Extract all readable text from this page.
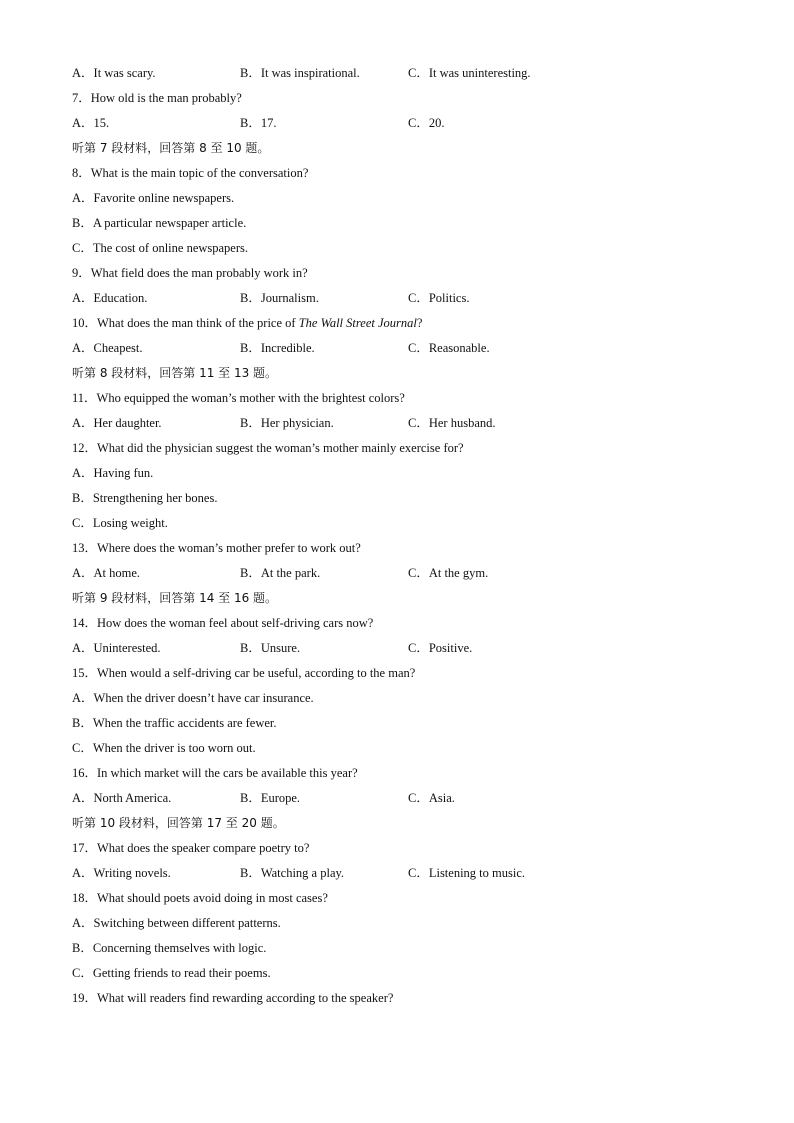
A．It was scary.	B．It was inspirational.	C．It was uninteresting.
7．How old is the man probably?
A．15.	B．17.	C．20.
听第 7 段材料，回答第 8 至 10 题。
8．What is the main topic of the conversation?
A．Favorite online newspapers.
B．A particular newspaper article.
C．The cost of online newspapers.
9．What field does the man probably work in?
A．Education.	B．Journalism.	C．Politics.
10．What does the man think of the price of The Wall Street Journal?
A．Cheapest.	B．Incredible.	C．Reasonable.
听第 8 段材料，回答第 11 至 13 题。
11．Who equipped the woman’s mother with the brightest colors?
A．Her daughter.	B．Her physician.	C．Her husband.
12．What did the physician suggest the woman’s mother mainly exercise for?
A．Having fun.
B．Strengthening her bones.
C．Losing weight.
13．Where does the woman’s mother prefer to work out?
A．At home.	B．At the park.	C．At the gym.
听第 9 段材料，回答第 14 至 16 题。
14．How does the woman feel about self-driving cars now?
A．Uninterested.	B．Unsure.	C．Positive.
15．When would a self-driving car be useful, according to the man?
A．When the driver doesn’t have car insurance.
B．When the traffic accidents are fewer.
C．When the driver is too worn out.
16．In which market will the cars be available this year?
A．North America.	B．Europe.	C．Asia.
听第 10 段材料，回答第 17 至 20 题。
17．What does the speaker compare poetry to?
A．Writing novels.	B．Watching a play.	C．Listening to music.
18．What should poets avoid doing in most cases?
A．Switching between different patterns.
B．Concerning themselves with logic.
C．Getting friends to read their poems.
19．What will readers find rewarding according to the speaker?
